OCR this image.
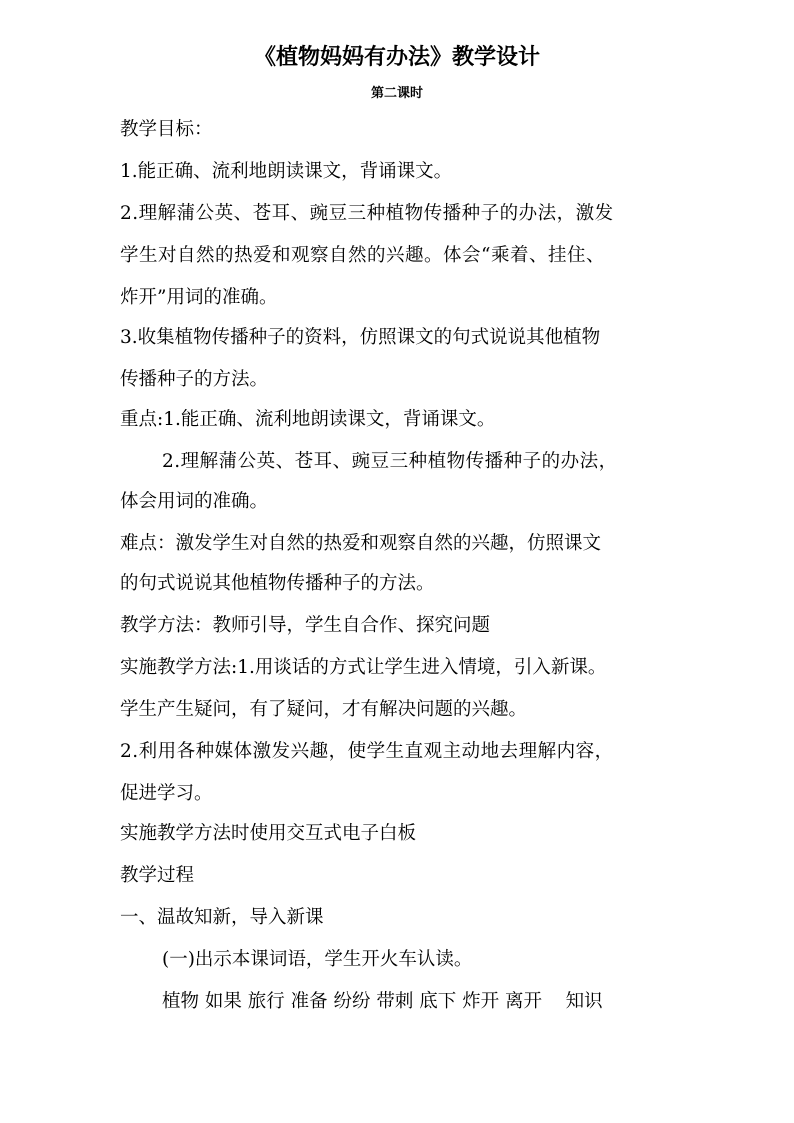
《植物妈妈有办法》教学设计
第二课时
教学目标：
1.能正确、流利地朗读课文，背诵课文。
2.理解蒲公英、苍耳、豌豆三种植物传播种子的办法，激发
学生对自然的热爱和观察自然的兴趣。体会“乘着、挂住、
炸开”用词的准确。
3.收集植物传播种子的资料，仿照课文的句式说说其他植物
传播种子的方法。
重点:1.能正确、流利地朗读课文，背诵课文。
2.理解蒲公英、苍耳、豌豆三种植物传播种子的办法，
体会用词的准确。
难点：激发学生对自然的热爱和观察自然的兴趣，仿照课文
的句式说说其他植物传播种子的方法。
教学方法：教师引导，学生自合作、探究问题
实施教学方法:1.用谈话的方式让学生进入情境，引入新课。
学生产生疑问，有了疑问，才有解决问题的兴趣。
2.利用各种媒体激发兴趣，使学生直观主动地去理解内容，
促进学习。
实施教学方法时使用交互式电子白板
教学过程
一、温故知新，导入新课
(一)出示本课词语，学生开火车认读。
植物 如果 旅行 准备 纷纷 带刺 底下 炸开 离开    知识
